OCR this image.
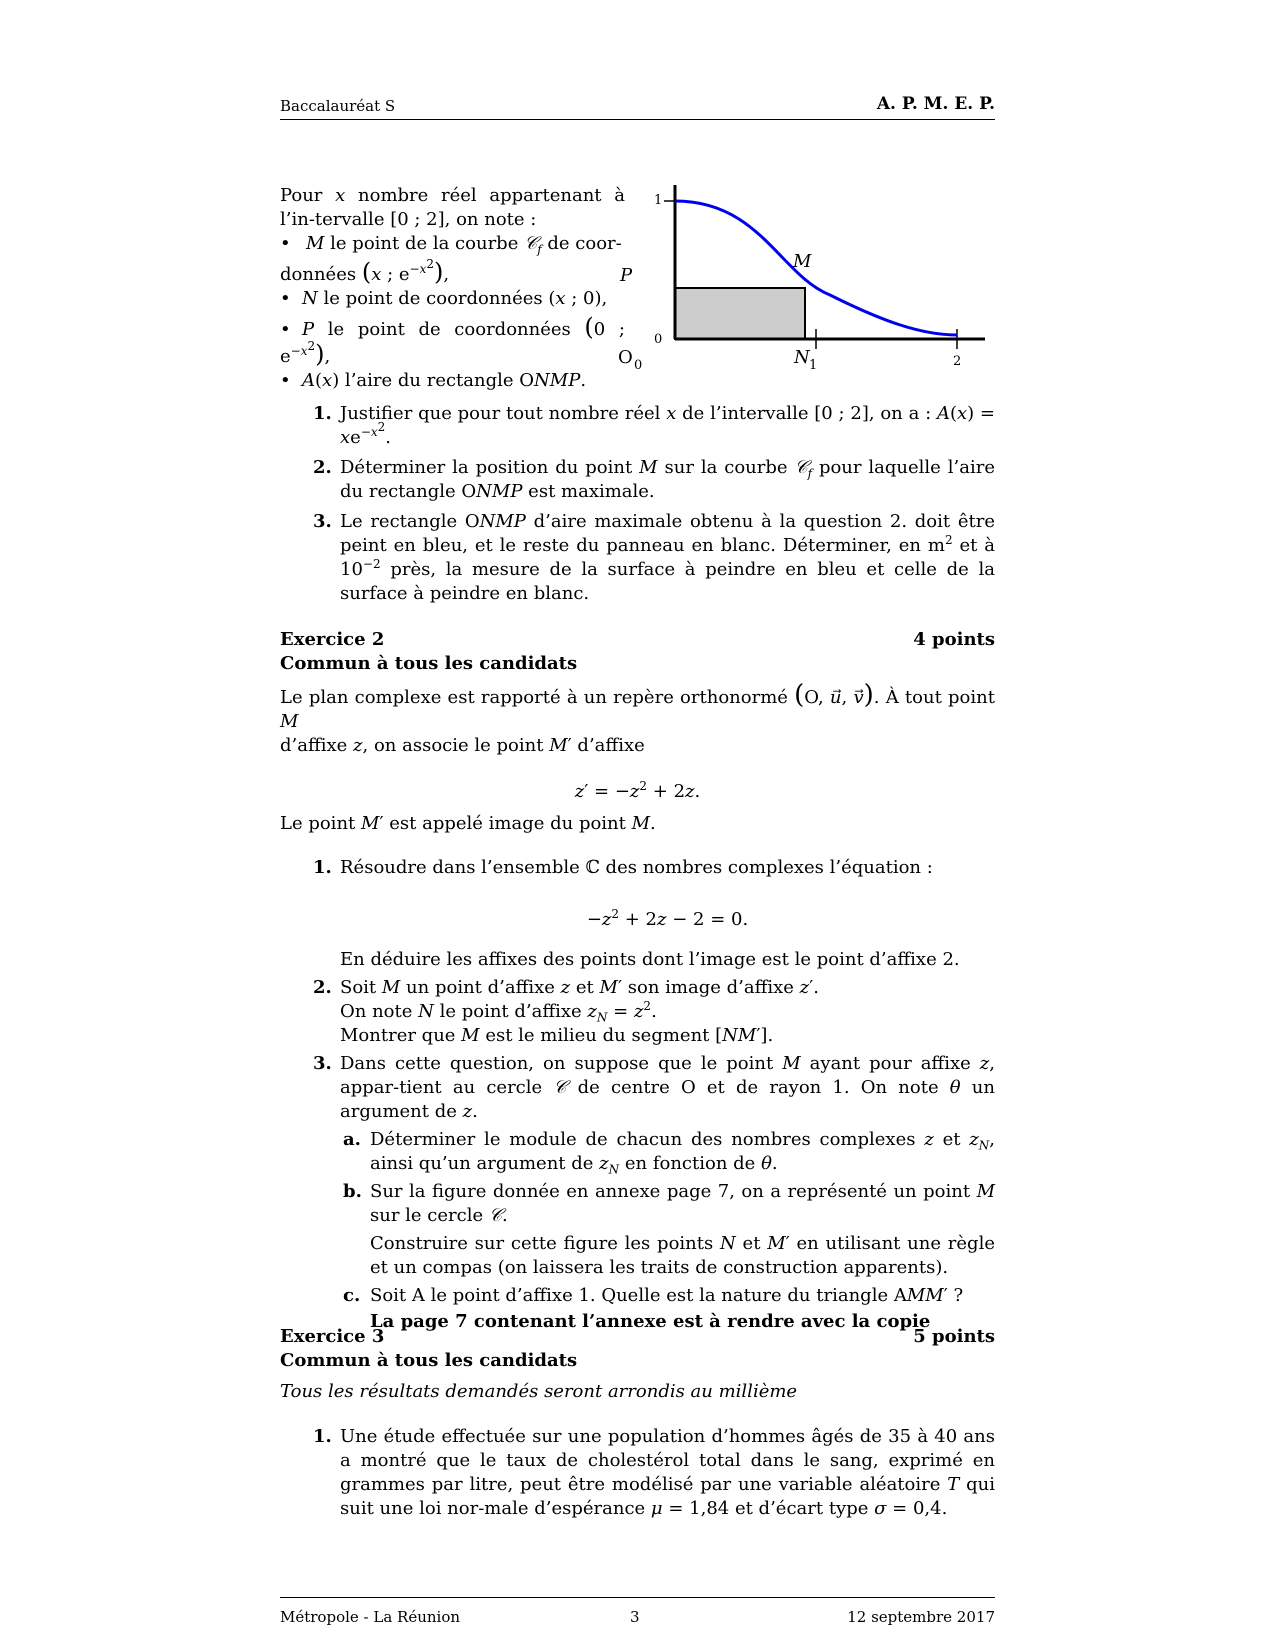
Baccalauréat S	A. P. M. E. P.

Pour x nombre réel appartenant à l’in-tervalle [0 ; 2], on note :

• M le point de la courbe 𝒞$_f$ de coor-

données (x ; $e^{-x^2}$),

• N le point de coordonnées (x ; 0),

• P le point de coordonnées (0 ; $e^{-x^2}$),

• A(x) l’aire du rectangle ONMP.

1
0
P
M
O 0	N 1	2
1. Justifier que pour tout nombre réel x de l’intervalle [0 ; 2], on a : $A(x) = xe^{-x^2}$.
2. Déterminer la position du point M sur la courbe 𝒞$_f$ pour laquelle l’aire du rectangle ONMP est maximale.
3. Le rectangle ONMP d’aire maximale obtenu à la question 2. doit être peint en bleu, et le reste du panneau en blanc. Déterminer, en $m^2$ et à $10^{-2}$ près, la mesure de la surface à peindre en bleu et celle de la surface à peindre en blanc.
Exercice 2	4 points
Commun à tous les candidats
Le plan complexe est rapporté à un repère orthonormé (O, u⃗, v). À tout point M
d’affixe z, on associe le point M′ d’affixe
$z' = -z^2 + 2z$.
Le point M′ est appelé image du point M.
1. Résoudre dans l’ensemble ℂ des nombres complexes l’équation :
$-z^2 + 2z - 2 = 0$.
En déduire les affixes des points dont l’image est le point d’affixe 2.
2. Soit M un point d’affixe z et M′ son image d’affixe z′.
On note N le point d’affixe $z_N = z^2$.
Montrer que M est le milieu du segment [NM′].
3. Dans cette question, on suppose que le point M ayant pour affixe z, appar-tient au cercle 𝒞 de centre O et de rayon 1. On note θ un argument de z.
a. Déterminer le module de chacun des nombres complexes z et $z_N$, ainsi qu’un argument de $z_N$ en fonction de θ.
b. Sur la figure donnée en annexe page 7, on a représenté un point M sur le cercle 𝒞.
Construire sur cette figure les points N et M′ en utilisant une règle et un compas (on laissera les traits de construction apparents).
c. Soit A le point d’affixe 1. Quelle est la nature du triangle AMM′ ?
La page 7 contenant l’annexe est à rendre avec la copie
Exercice 3	5 points
Commun à tous les candidats
Tous les résultats demandés seront arrondis au millième
1. Une étude effectuée sur une population d’hommes âgés de 35 à 40 ans a montré que le taux de cholestérol total dans le sang, exprimé en grammes par litre, peut être modélisé par une variable aléatoire T qui suit une loi nor-male d’espérance μ = 1,84 et d’écart type σ = 0,4.
Métropole - La Réunion	3	12 septembre 2017
